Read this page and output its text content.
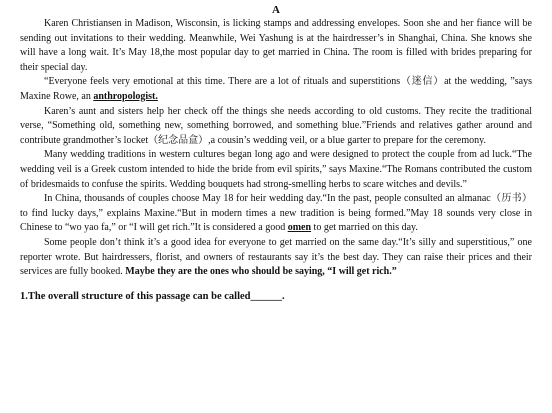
A

Karen Christiansen in Madison, Wisconsin, is licking stamps and addressing envelopes. Soon she and her fiance will be sending out invitations to their wedding. Meanwhile, Wei Yashung is at the hairdresser’s in Shanghai, China. She knows she will have a long wait. It’s May 18,the most popular day to get married in China. The room is filled with brides preparing for their special day.

“Everyone feels very emotional at this time. There are a lot of rituals and superstitions（迷信）at the wedding, ”says Maxine Rowe, an anthropologist.

Karen’s aunt and sisters help her check off the things she needs according to old customs. They recite the traditional verse, “Something old, something new, something borrowed, and something blue.”Friends and relatives gather around and contribute grandmother’s locket（纪念品盒）,a cousin’s wedding veil, or a blue garter to prepare for the ceremony.

Many wedding traditions in western cultures began long ago and were designed to protect the couple from ad luck.“The wedding veil is a Greek custom intended to hide the bride from evil spirits,” says Maxine.“The Romans contributed the custom of bridesmaids to confuse the spirits. Wedding bouquets had strong-smelling herbs to scare witches and devils.”

In China, thousands of couples choose May 18 for heir wedding day.“In the past, people consulted an almanac（历书）to find lucky days,” explains Maxine.“But in modern times a new tradition is being formed.”May 18 sounds very close in Chinese to “wo yao fa,” or “I will get rich.”It is considered a good omen to get married on this day.

Some people don’t think it’s a good idea for everyone to get married on the same day.“It’s silly and superstitious,” one reporter wrote. But hairdressers, florist, and owners of restaurants say it’s the best day. They can raise their prices and their services are fully booked. Maybe they are the ones who should be saying, “I will get rich.”

1.The overall structure of this passage can be called______.
